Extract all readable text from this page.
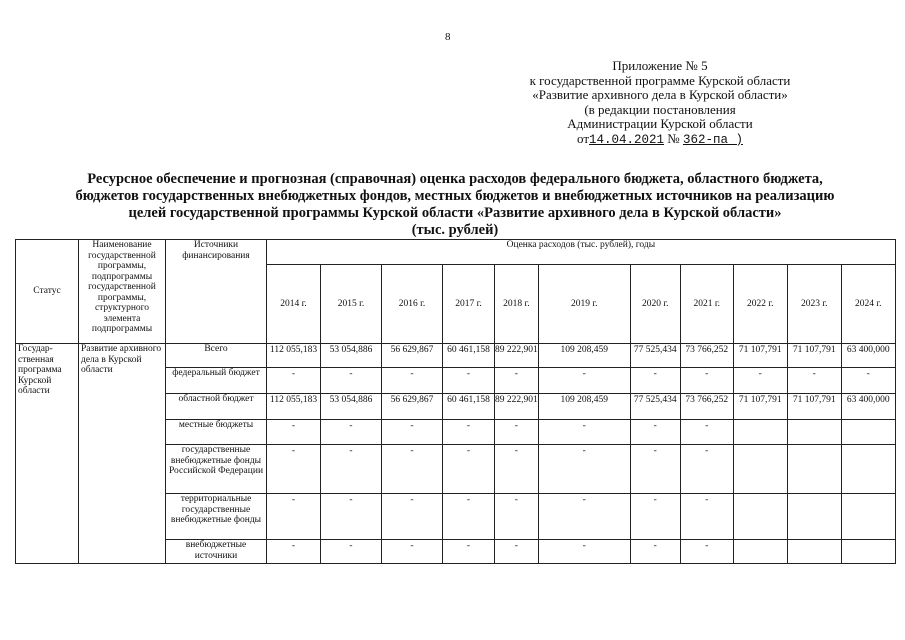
8
Приложение № 5
к государственной программе Курской области
«Развитие архивного дела в Курской области»
(в редакции постановления
Администрации Курской области
от14.04.2021 № 362-па )
Ресурсное обеспечение и прогнозная (справочная) оценка расходов федерального бюджета, областного бюджета,
бюджетов государственных внебюджетных фондов, местных бюджетов и внебюджетных источников на реализацию
целей государственной программы Курской области «Развитие архивного дела в Курской области»
(тыс. рублей)
Статус	Наименование государственной программы, подпрограммы государственной программы, структурного элемента подпрограммы	Источники финансирования	Оценка расходов (тыс. рублей), годы										
			2014 г.	2015 г.	2016 г.	2017 г.	2018 г.	2019 г.	2020 г.	2021 г.	2022 г.	2023 г.	2024 г.
Государ-ственная программа Курской области	Развитие архивного дела в Курской области	Всего	112 055,183	53 054,886	56 629,867	60 461,158	89 222,901	109 208,459	77 525,434	73 766,252	71 107,791	71 107,791	63 400,000
		федеральный бюджет	-	-	-	-	-	-	-	-	-	-	-
		областной бюджет	112 055,183	53 054,886	56 629,867	60 461,158	89 222,901	109 208,459	77 525,434	73 766,252	71 107,791	71 107,791	63 400,000
		местные бюджеты	-	-	-	-	-	-	-	-			
		государственные внебюджетные фонды Российской Федерации	-	-	-	-	-	-	-	-			
		территориальные государственные внебюджетные фонды	-	-	-	-	-	-	-	-			
		внебюджетные источники	-	-	-	-	-	-	-	-			
